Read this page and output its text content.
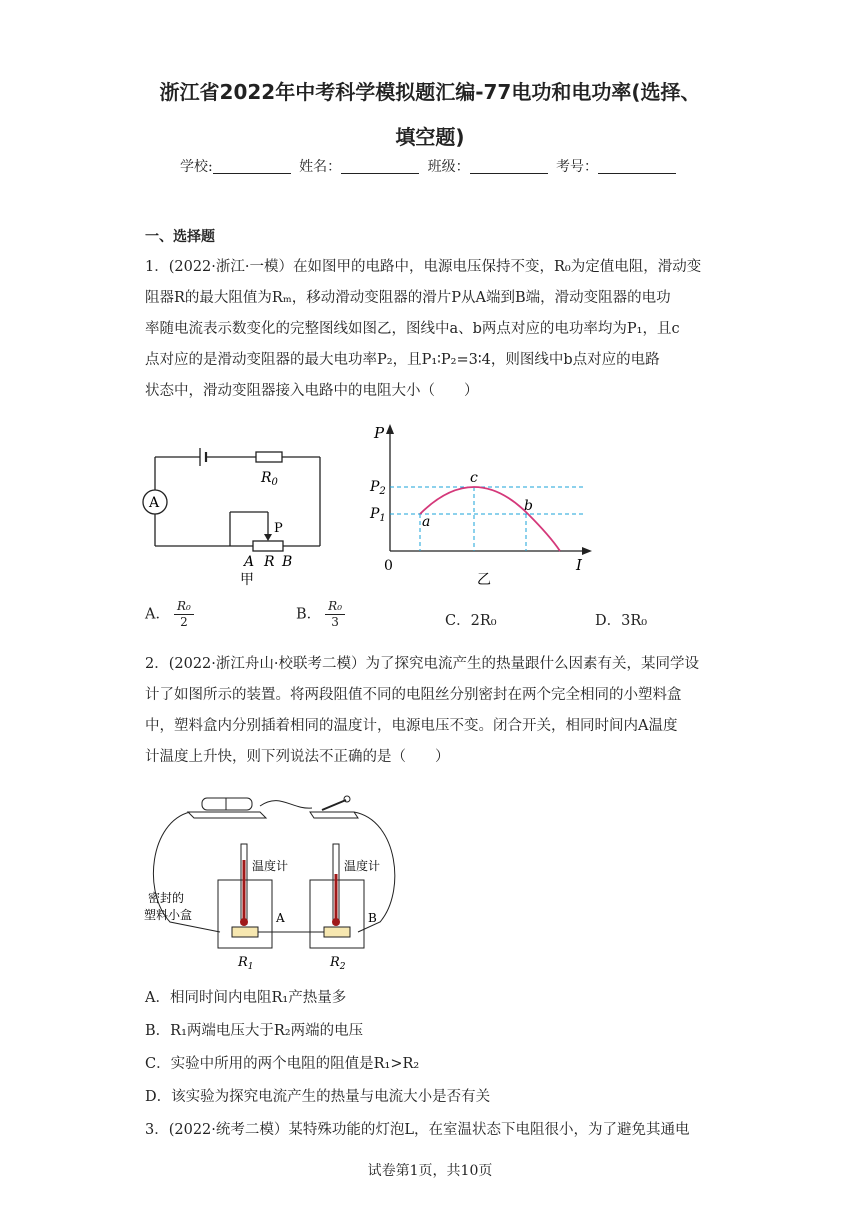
浙江省2022年中考科学模拟题汇编-77电功和电功率(选择、
填空题)
学校:	姓名：	班级：	考号：
一、选择题
1．(2022·浙江·一模）在如图甲的电路中，电源电压保持不变，R₀为定值电阻，滑动变
阻器R的最大阻值为Rₘ，移动滑动变阻器的滑片P从A端到B端，滑动变阻器的电功
率随电流表示数变化的完整图线如图乙，图线中a、b两点对应的电功率均为P₁，且c
点对应的是滑动变阻器的最大电功率P₂，且P₁∶P₂=3∶4，则图线中b点对应的电路
状态中，滑动变阻器接入电路中的电阻大小（　　）
A
$R_0$
P
A R B
甲
P
I
0
$P_2$
$P_1$	a
c
b
乙
A． $\frac{\text{R₀}}{2}$	B． $\frac{\text{R₀}}{3}$	C．2R₀	D．3R₀
2．(2022·浙江舟山·校联考二模）为了探究电流产生的热量跟什么因素有关，某同学设
计了如图所示的装置。将两段阻值不同的电阻丝分别密封在两个完全相同的小塑料盒
中，塑料盒内分别插着相同的温度计，电源电压不变。闭合开关，相同时间内A温度
计温度上升快，则下列说法不正确的是（　　）
温度计	温度计
密封的
塑料小盒	A	B
$R_1$	$R_2$
A．相同时间内电阻R₁产热量多
B．R₁两端电压大于R₂两端的电压
C．实验中所用的两个电阻的阻值是R₁>R₂
D．该实验为探究电流产生的热量与电流大小是否有关
3．(2022·统考二模）某特殊功能的灯泡L，在室温状态下电阻很小，为了避免其通电
试卷第1页，共10页
